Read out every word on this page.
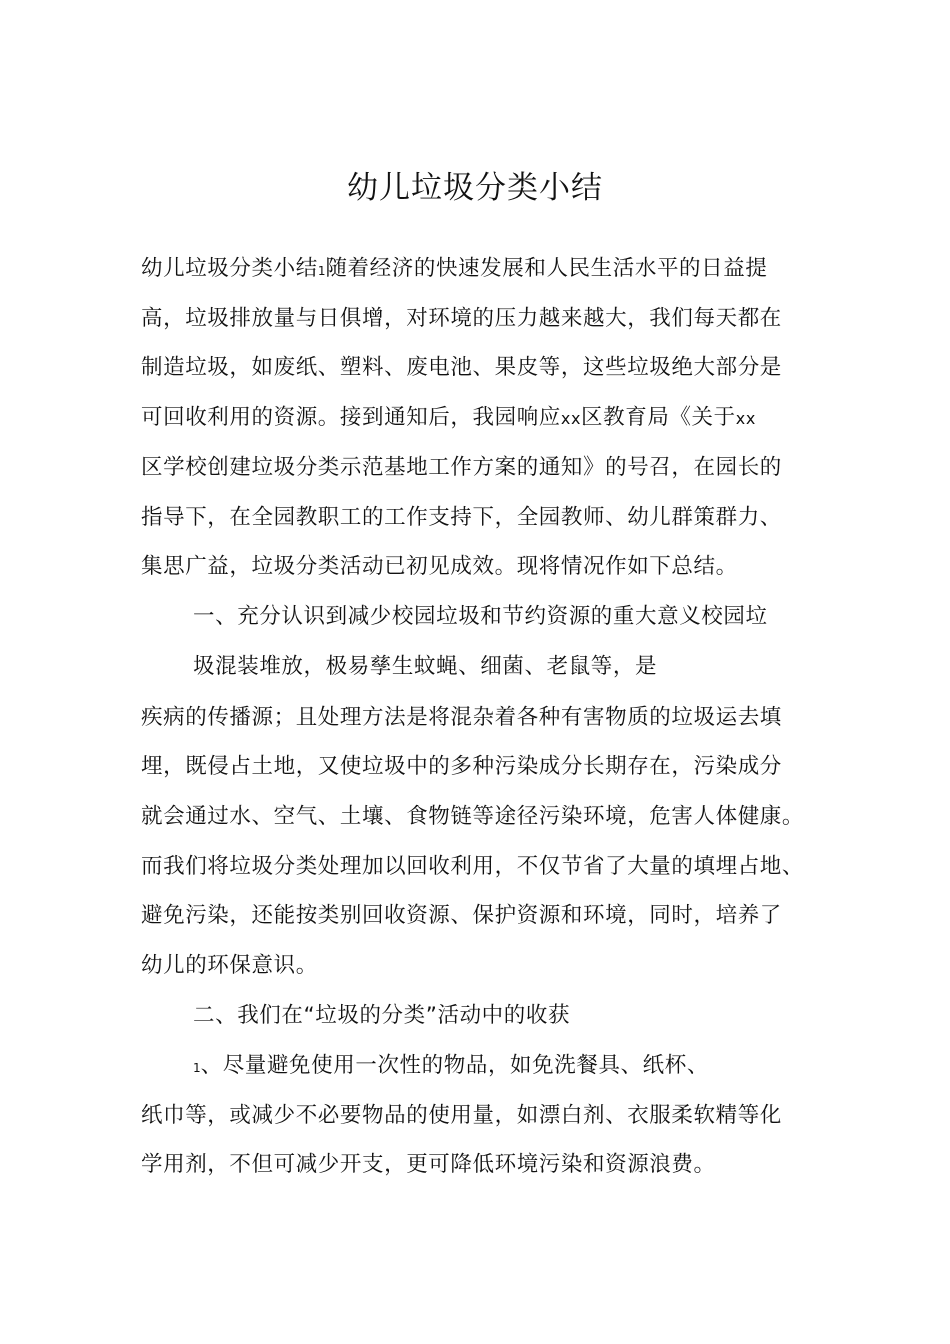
幼儿垃圾分类小结
幼儿垃圾分类小结1随着经济的快速发展和人民生活水平的日益提
高，垃圾排放量与日俱增，对环境的压力越来越大，我们每天都在
制造垃圾，如废纸、塑料、废电池、果皮等，这些垃圾绝大部分是
可回收利用的资源。接到通知后，我园响应xx区教育局《关于xx
区学校创建垃圾分类示范基地工作方案的通知》的号召，在园长的
指导下，在全园教职工的工作支持下，全园教师、幼儿群策群力、
集思广益，垃圾分类活动已初见成效。现将情况作如下总结。
一、充分认识到减少校园垃圾和节约资源的重大意义校园垃
圾混装堆放，极易孳生蚊蝇、细菌、老鼠等，是
疾病的传播源；且处理方法是将混杂着各种有害物质的垃圾运去填
埋，既侵占土地，又使垃圾中的多种污染成分长期存在，污染成分
就会通过水、空气、土壤、食物链等途径污染环境，危害人体健康。
而我们将垃圾分类处理加以回收利用，不仅节省了大量的填埋占地、
避免污染，还能按类别回收资源、保护资源和环境，同时，培养了
幼儿的环保意识。
二、我们在“垃圾的分类”活动中的收获
1、尽量避免使用一次性的物品，如免洗餐具、纸杯、
纸巾等，或减少不必要物品的使用量，如漂白剂、衣服柔软精等化
学用剂，不但可减少开支，更可降低环境污染和资源浪费。
